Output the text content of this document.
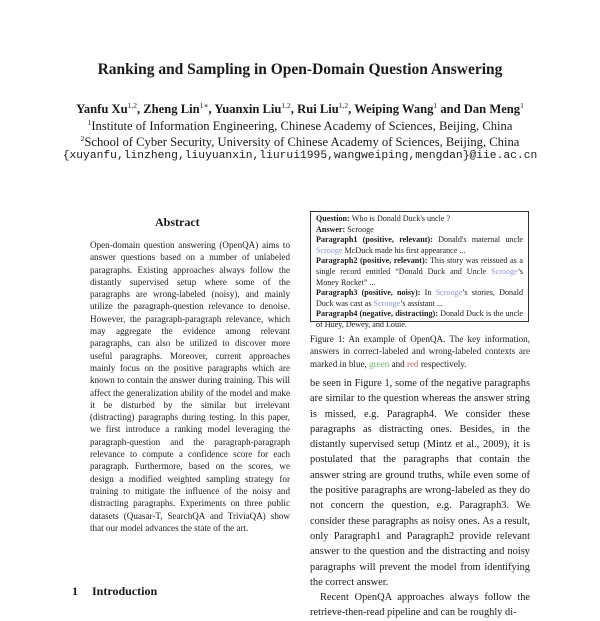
Ranking and Sampling in Open-Domain Question Answering
Yanfu Xu$^{1,2}$, Zheng Lin$^{1∗}$, Yuanxin Liu$^{1,2}$, Rui Liu$^{1,2}$, Weiping Wang$^1$ and Dan Meng$^1$
$^1$Institute of Information Engineering, Chinese Academy of Sciences, Beijing, China
$^2$School of Cyber Security, University of Chinese Academy of Sciences, Beijing, China
{xuyanfu,linzheng,liuyuanxin,liurui1995,wangweiping,mengdan}@iie.ac.cn
Abstract
Open-domain question answering (OpenQA) aims to answer questions based on a number of unlabeled paragraphs. Existing approaches always follow the distantly supervised setup where some of the paragraphs are wrong-labeled (noisy), and mainly utilize the paragraph-question relevance to denoise. However, the paragraph-paragraph relevance, which may aggregate the evidence among relevant paragraphs, can also be utilized to discover more useful paragraphs. Moreover, current approaches mainly focus on the positive paragraphs which are known to contain the answer during training. This will affect the generalization ability of the model and make it be disturbed by the similar but irrelevant (distracting) paragraphs during testing. In this paper, we first introduce a ranking model leveraging the paragraph-question and the paragraph-paragraph relevance to compute a confidence score for each paragraph. Furthermore, based on the scores, we design a modified weighted sampling strategy for training to mitigate the influence of the noisy and distracting paragraphs. Experiments on three public datasets (Quasar-T, SearchQA and TriviaQA) show that our model advances the state of the art.
1 Introduction

Question: Who is Donald Duck's uncle ?

Answer: Scrooge

Paragraph1 (positive, relevant): Donald's maternal uncle Scrooge McDuck made his first appearance ...

Paragraph2 (positive, relevant): This story was reissued as a single record entitled “Donald Duck and Uncle Scrooge’s Money Rocket” ...

Paragraph3 (positive, noisy): In Scrooge’s stories, Donald Duck was cast as Scrooge’s assistant ...

Paragraph4 (negative, distracting): Donald Duck is the uncle of Huey, Dewey, and Louie.

Figure 1: An example of OpenQA. The key information, answers in correct-labeled and wrong-labeled contexts are marked in blue, green and red respectively.

be seen in Figure 1, some of the negative paragraphs are similar to the question whereas the answer string is missed, e.g. Paragraph4. We consider these paragraphs as distracting ones. Besides, in the distantly supervised setup (Mintz et al., 2009), it is postulated that the paragraphs that contain the answer string are ground truths, while even some of the positive paragraphs are wrong-labeled as they do not concern the question, e.g. Paragraph3. We consider these paragraphs as noisy ones. As a result, only Paragraph1 and Paragraph2 provide relevant answer to the question and the distracting and noisy paragraphs will prevent the model from identifying the correct answer.

Recent OpenQA approaches always follow the retrieve-then-read pipeline and can be roughly di-
